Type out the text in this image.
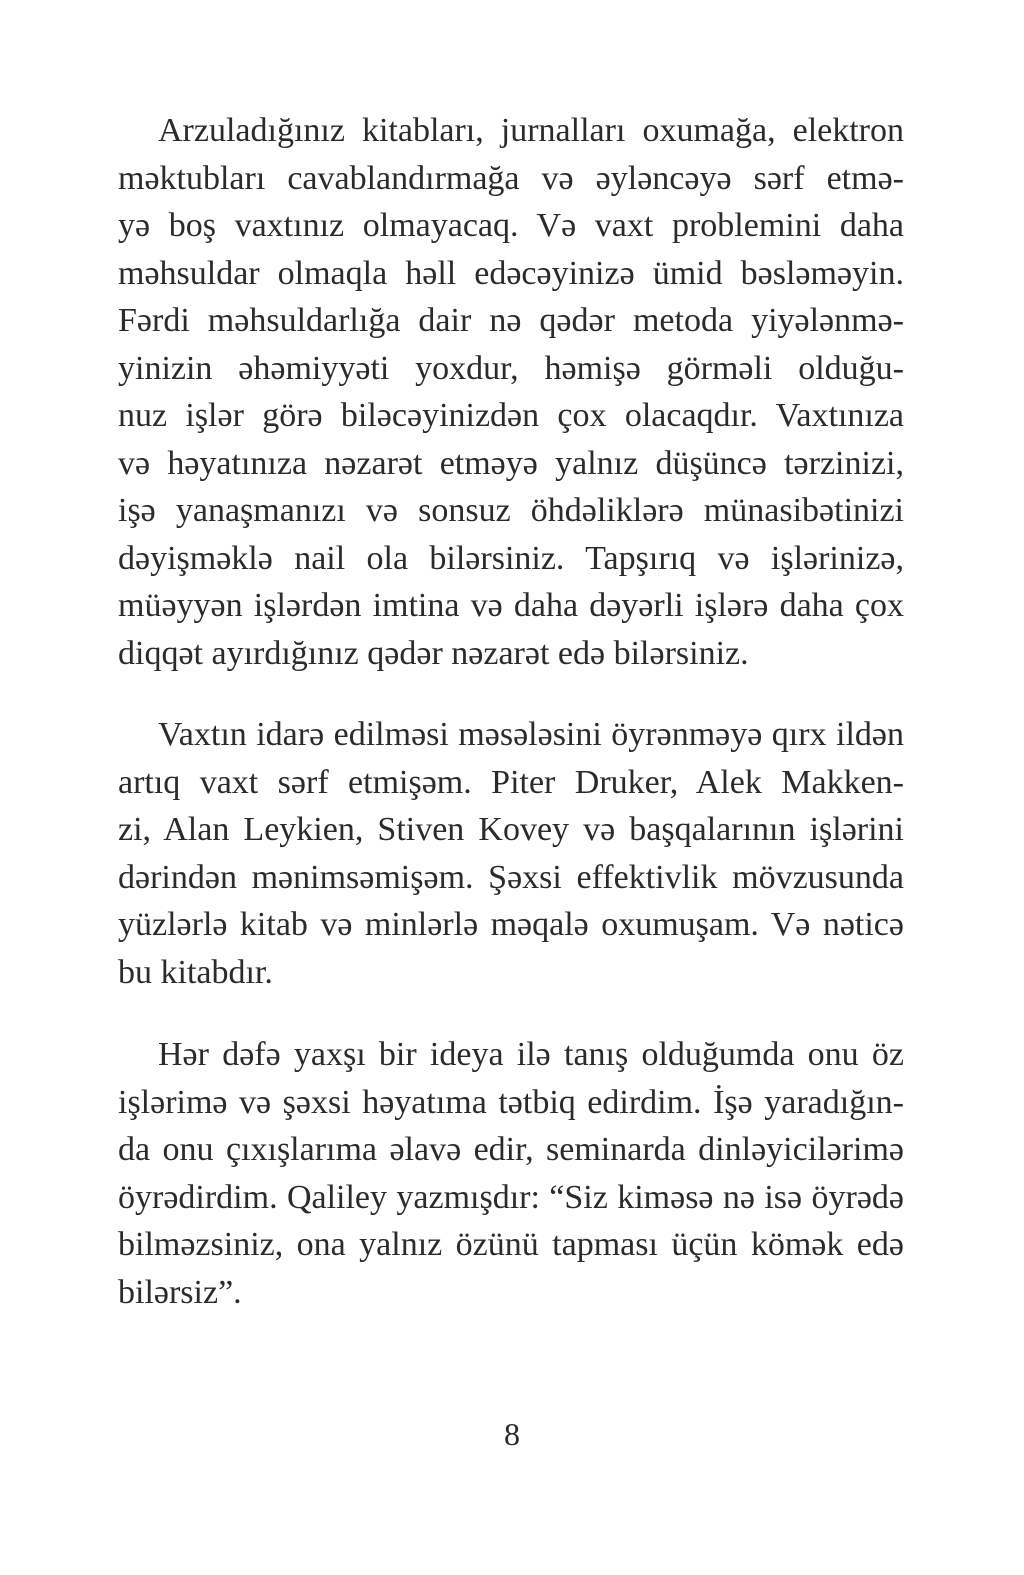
Arzuladığınız kitabları, jurnalları oxumağa, elektron
məktubları cavablandırmağa və əyləncəyə sərf etmə-
yə boş vaxtınız olmayacaq. Və vaxt problemini daha
məhsuldar olmaqla həll edəcəyinizə ümid bəsləməyin.
Fərdi məhsuldarlığa dair nə qədər metoda yiyələnmə-
yinizin əhəmiyyəti yoxdur, həmişə görməli olduğu-
nuz işlər görə biləcəyinizdən çox olacaqdır. Vaxtınıza
və həyatınıza nəzarət etməyə yalnız düşüncə tərzinizi,
işə yanaşmanızı və sonsuz öhdəliklərə münasibətinizi
dəyişməklə nail ola bilərsiniz. Tapşırıq və işlərinizə,
müəyyən işlərdən imtina və daha dəyərli işlərə daha çox
diqqət ayırdığınız qədər nəzarət edə bilərsiniz.
Vaxtın idarə edilməsi məsələsini öyrənməyə qırx ildən
artıq vaxt sərf etmişəm. Piter Druker, Alek Makken-
zi, Alan Leykien, Stiven Kovey və başqalarının işlərini
dərindən mənimsəmişəm. Şəxsi effektivlik mövzusunda
yüzlərlə kitab və minlərlə məqalə oxumuşam. Və nəticə
bu kitabdır.
Hər dəfə yaxşı bir ideya ilə tanış olduğumda onu öz
işlərimə və şəxsi həyatıma tətbiq edirdim. İşə yaradığın-
da onu çıxışlarıma əlavə edir, seminarda dinləyicilərimə
öyrədirdim. Qaliley yazmışdır: “Siz kiməsə nə isə öyrədə
bilməzsiniz, ona yalnız özünü tapması üçün kömək edə
bilərsiz”.
8
